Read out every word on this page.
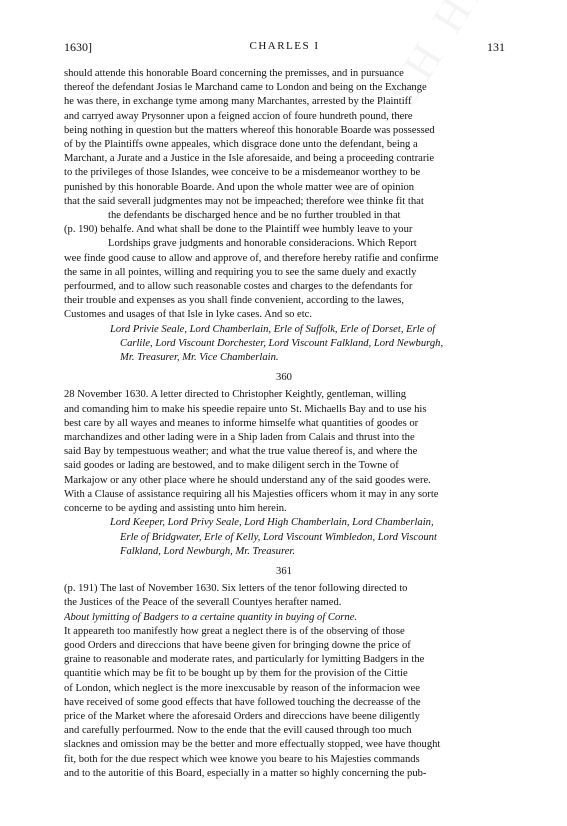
1630]	CHARLES I	131
should attende this honorable Board concerning the premisses, and in pursuance
thereof the defendant Josias le Marchand came to London and being on the Exchange
he was there, in exchange tyme among many Marchantes, arrested by the Plaintiff
and carryed away Prysonner upon a feigned accion of foure hundreth pound, there
being nothing in question but the matters whereof this honorable Boarde was possessed
of by the Plaintiffs owne appeales, which disgrace done unto the defendant, being a
Marchant, a Jurate and a Justice in the Isle aforesaide, and being a proceeding contrarie
to the privileges of those Islandes, wee conceive to be a misdemeanor worthey to be
punished by this honorable Boarde. And upon the whole matter wee are of opinion
that the said severall judgmentes may not be impeached; therefore wee thinke fit that
the defendants be discharged hence and be no further troubled in that
(p. 190) behalfe. And what shall be done to the Plaintiff wee humbly leave to your
Lordships grave judgments and honorable consideracions. Which Report
wee finde good cause to allow and approve of, and therefore hereby ratifie and confirme
the same in all pointes, willing and requiring you to see the same duely and exactly
perfourmed, and to allow such reasonable costes and charges to the defendants for
their trouble and expenses as you shall finde convenient, according to the lawes,
Customes and usages of that Isle in lyke cases. And so etc.
Lord Privie Seale, Lord Chamberlain, Erle of Suffolk, Erle of Dorset, Erle of
Carlile, Lord Viscount Dorchester, Lord Viscount Falkland, Lord Newburgh,
Mr. Treasurer, Mr. Vice Chamberlain.
360
28 November 1630. A letter directed to Christopher Keightly, gentleman, willing
and comanding him to make his speedie repaire unto St. Michaells Bay and to use his
best care by all wayes and meanes to informe himselfe what quantities of goodes or
marchandizes and other lading were in a Ship laden from Calais and thrust into the
said Bay by tempestuous weather; and what the true value thereof is, and where the
said goodes or lading are bestowed, and to make diligent serch in the Towne of
Markajow or any other place where he should understand any of the said goodes were.
With a Clause of assistance requiring all his Majesties officers whom it may in any sorte
concerne to be ayding and assisting unto him herein.
Lord Keeper, Lord Privy Seale, Lord High Chamberlain, Lord Chamberlain,
Erle of Bridgwater, Erle of Kelly, Lord Viscount Wimbledon, Lord Viscount
Falkland, Lord Newburgh, Mr. Treasurer.
361
(p. 191) The last of November 1630. Six letters of the tenor following directed to
the Justices of the Peace of the severall Countyes herafter named.
About lymitting of Badgers to a certaine quantity in buying of Corne.
It appeareth too manifestly how great a neglect there is of the observing of those
good Orders and direccions that have beene given for bringing downe the price of
graine to reasonable and moderate rates, and particularly for lymitting Badgers in the
quantitie which may be fit to be bought up by them for the provision of the Cittie
of London, which neglect is the more inexcusable by reason of the informacion wee
have received of some good effects that have followed touching the decreasse of the
price of the Market where the aforesaid Orders and direccions have beene diligently
and carefully perfourmed. Now to the ende that the evill caused through too much
slacknes and omission may be the better and more effectually stopped, wee have thought
fit, both for the due respect which wee knowe you beare to his Majesties commands
and to the autoritie of this Board, especially in a matter so highly concerning the pub-
